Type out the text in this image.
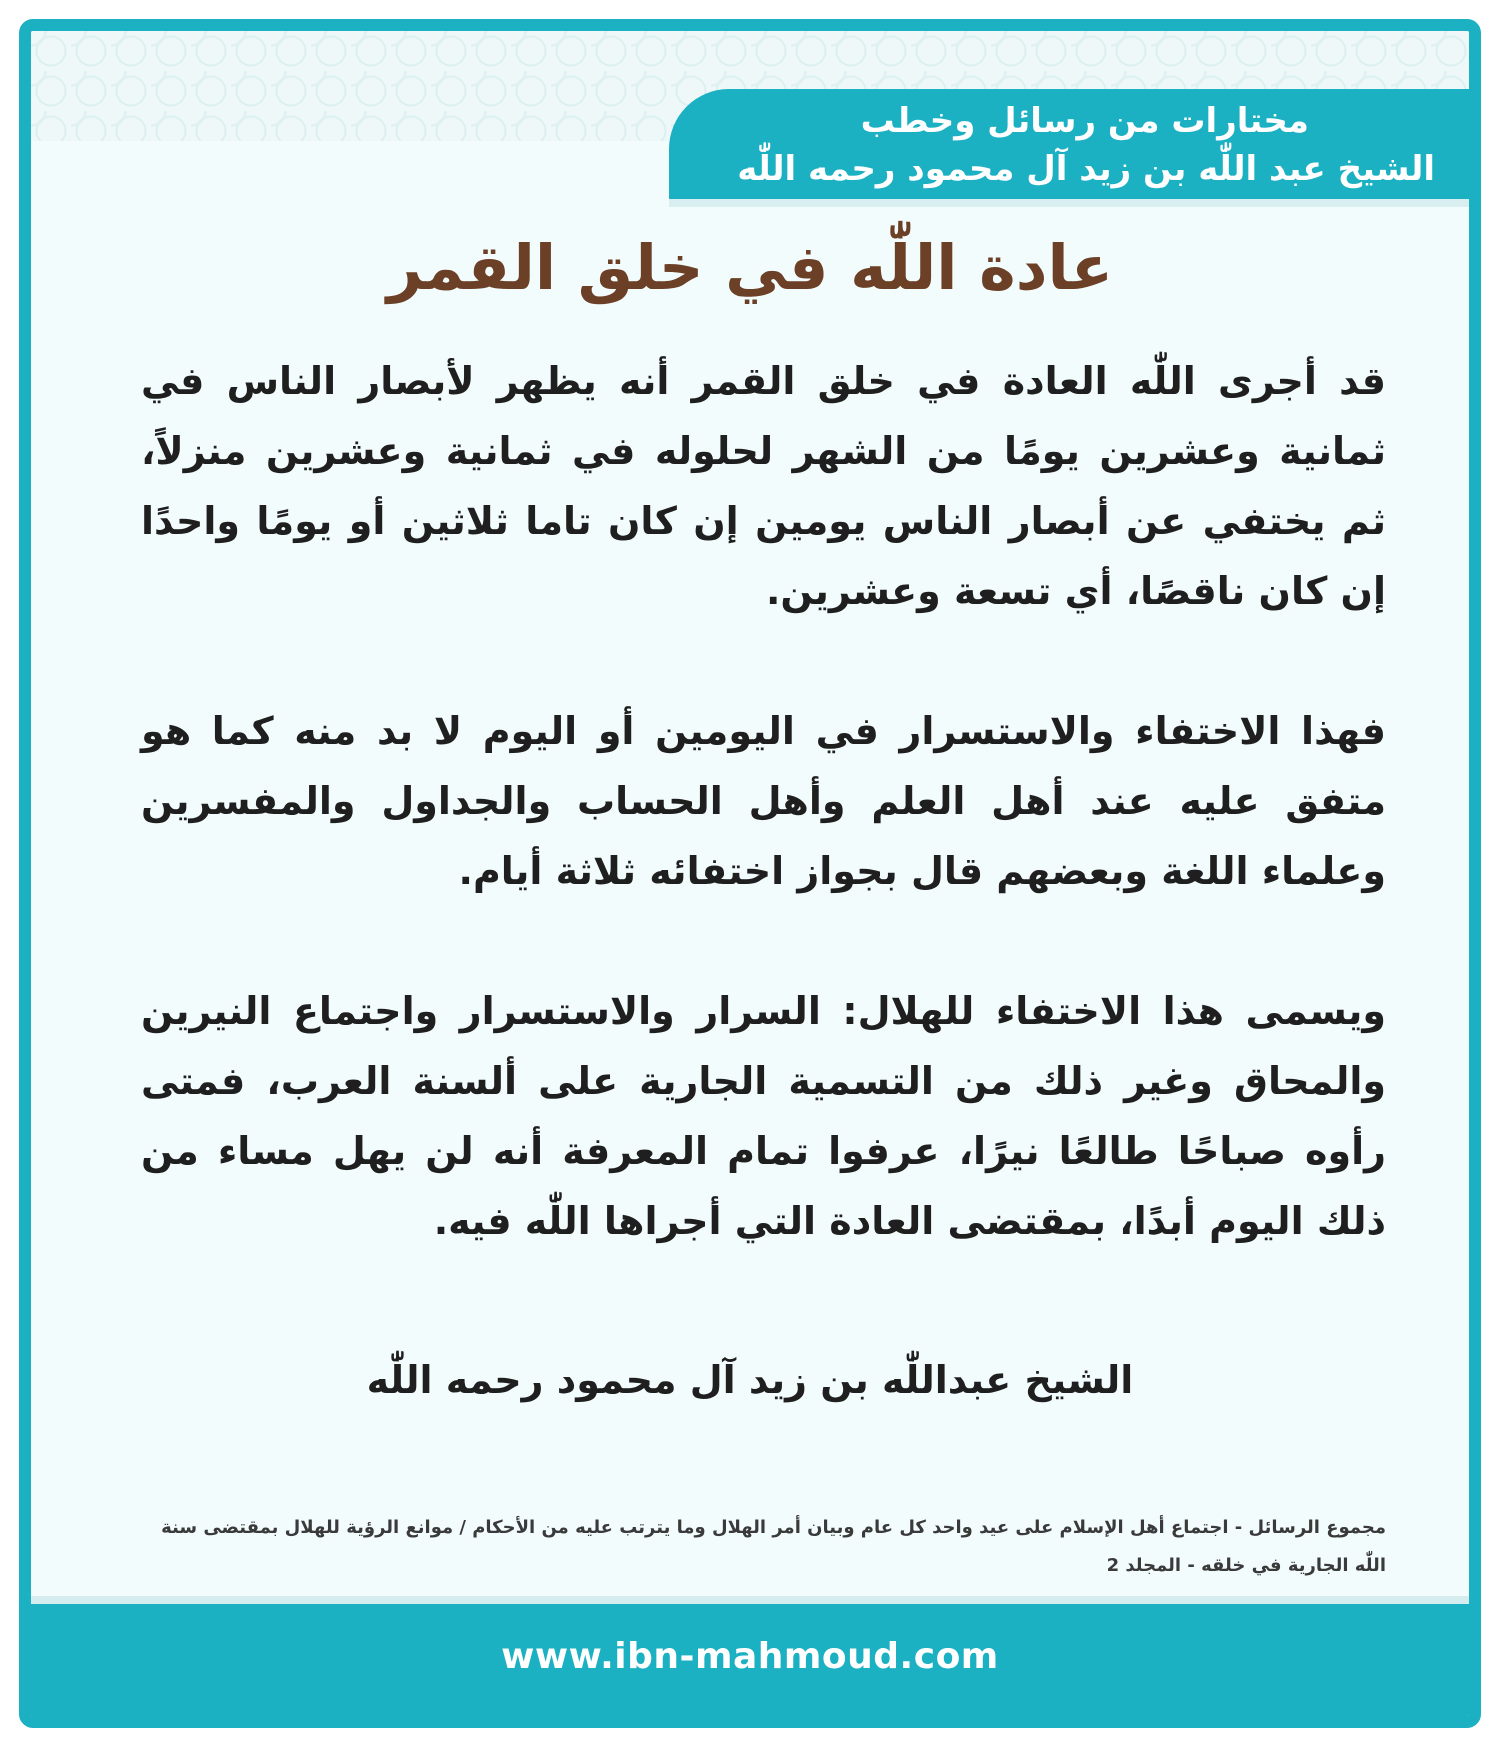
مختارات من رسائل وخطب
الشيخ عبد اللّٰه بن زيد آل محمود رحمه اللّٰه
عادة اللّٰه في خلق القمر

قد أجرى اللّٰه العادة في خلق القمر أنه يظهر لأبصار الناس في ثمانية وعشرين يومًا من الشهر لحلوله في ثمانية وعشرين منزلاً، ثم يختفي عن أبصار الناس يومين إن كان تاما ثلاثين أو يومًا واحدًا إن كان ناقصًا، أي تسعة وعشرين.

فهذا الاختفاء والاستسرار في اليومين أو اليوم لا بد منه كما هو متفق عليه عند أهل العلم وأهل الحساب والجداول والمفسرين وعلماء اللغة وبعضهم قال بجواز اختفائه ثلاثة أيام.

ويسمى هذا الاختفاء للهلال: السرار والاستسرار واجتماع النيرين والمحاق وغير ذلك من التسمية الجارية على ألسنة العرب، فمتى رأوه صباحًا طالعًا نيرًا، عرفوا تمام المعرفة أنه لن يهل مساء من ذلك اليوم أبدًا، بمقتضى العادة التي أجراها اللّٰه فيه.

الشيخ عبداللّٰه بن زيد آل محمود رحمه اللّٰه
مجموع الرسائل - اجتماع أهل الإسلام على عيد واحد كل عام وبيان أمر الهلال وما يترتب عليه من الأحكام / موانع الرؤية للهلال بمقتضى سنة اللّٰه الجارية في خلقه - المجلد 2
www.ibn-mahmoud.com
